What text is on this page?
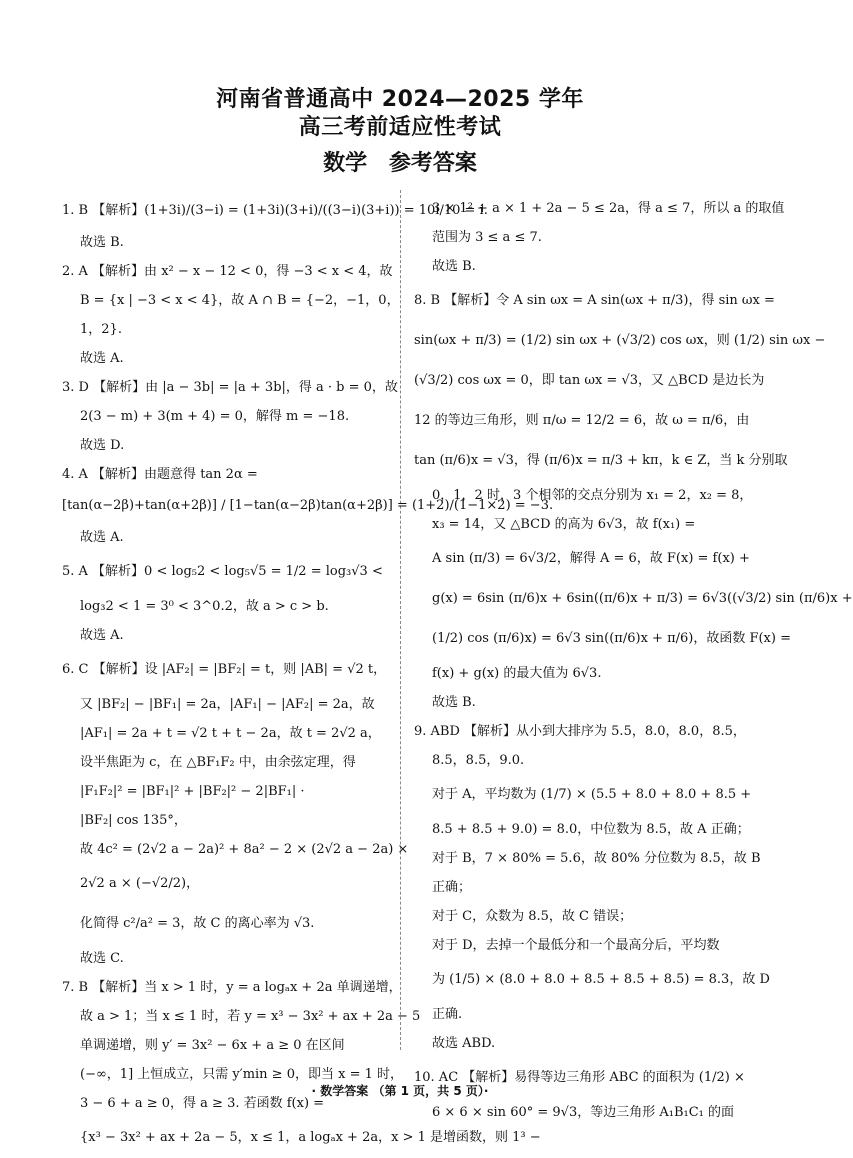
河南省普通高中 2024—2025 学年
高三考前适应性考试
数学 参考答案
1. B 【解析】(1+3i)/(3−i) = (1+3i)(3+i)/((3−i)(3+i)) = 10i/10 = i.
故选 B.
2. A 【解析】由 x² − x − 12 < 0，得 −3 < x < 4，故
B = {x | −3 < x < 4}，故 A ∩ B = {−2，−1，0，
1，2}.
故选 A.
3. D 【解析】由 |a − 3b| = |a + 3b|，得 a · b = 0，故
2(3 − m) + 3(m + 4) = 0，解得 m = −18.
故选 D.
4. A 【解析】由题意得 tan 2α =
[tan(α−2β)+tan(α+2β)] / [1−tan(α−2β)tan(α+2β)] = (1+2)/(1−1×2) = −3.
故选 A.
5. A 【解析】0 < log₅2 < log₅√5 = 1/2 = log₃√3 <
log₃2 < 1 = 3⁰ < 3^0.2，故 a > c > b.
故选 A.
6. C 【解析】设 |AF₂| = |BF₂| = t，则 |AB| = √2 t，
又 |BF₂| − |BF₁| = 2a，|AF₁| − |AF₂| = 2a，故
|AF₁| = 2a + t = √2 t + t − 2a，故 t = 2√2 a，
设半焦距为 c，在 △BF₁F₂ 中，由余弦定理，得
|F₁F₂|² = |BF₁|² + |BF₂|² − 2|BF₁| ·
|BF₂| cos 135°，
故 4c² = (2√2 a − 2a)² + 8a² − 2 × (2√2 a − 2a) ×
2√2 a × (−√2/2)，
化简得 c²/a² = 3，故 C 的离心率为 √3.
故选 C.
7. B 【解析】当 x > 1 时，y = a logₐx + 2a 单调递增，
故 a > 1；当 x ≤ 1 时，若 y = x³ − 3x² + ax + 2a − 5
单调递增，则 y′ = 3x² − 6x + a ≥ 0 在区间
(−∞，1] 上恒成立，只需 y′min ≥ 0，即当 x = 1 时，
3 − 6 + a ≥ 0，得 a ≥ 3. 若函数 f(x) =
{x³ − 3x² + ax + 2a − 5，x ≤ 1，a logₐx + 2a，x > 1 是增函数，则 1³ −
3 × 1² + a × 1 + 2a − 5 ≤ 2a，得 a ≤ 7，所以 a 的取值
范围为 3 ≤ a ≤ 7.
故选 B.
8. B 【解析】令 A sin ωx = A sin(ωx + π/3)，得 sin ωx =
sin(ωx + π/3) = (1/2) sin ωx + (√3/2) cos ωx，则 (1/2) sin ωx −
(√3/2) cos ωx = 0，即 tan ωx = √3，又 △BCD 是边长为
12 的等边三角形，则 π/ω = 12/2 = 6，故 ω = π/6，由
tan (π/6)x = √3，得 (π/6)x = π/3 + kπ，k ∈ Z，当 k 分别取
0，1，2 时，3 个相邻的交点分别为 x₁ = 2，x₂ = 8，
x₃ = 14，又 △BCD 的高为 6√3，故 f(x₁) =
A sin (π/3) = 6√3/2，解得 A = 6，故 F(x) = f(x) +
g(x) = 6sin (π/6)x + 6sin((π/6)x + π/3) = 6√3((√3/2) sin (π/6)x +
(1/2) cos (π/6)x) = 6√3 sin((π/6)x + π/6)，故函数 F(x) =
f(x) + g(x) 的最大值为 6√3.
故选 B.
9. ABD 【解析】从小到大排序为 5.5，8.0，8.0，8.5，
8.5，8.5，9.0.
对于 A，平均数为 (1/7) × (5.5 + 8.0 + 8.0 + 8.5 +
8.5 + 8.5 + 9.0) = 8.0，中位数为 8.5，故 A 正确；
对于 B，7 × 80% = 5.6，故 80% 分位数为 8.5，故 B
正确；
对于 C，众数为 8.5，故 C 错误；
对于 D，去掉一个最低分和一个最高分后，平均数
为 (1/5) × (8.0 + 8.0 + 8.5 + 8.5 + 8.5) = 8.3，故 D
正确.
故选 ABD.
10. AC 【解析】易得等边三角形 ABC 的面积为 (1/2) ×
6 × 6 × sin 60° = 9√3，等边三角形 A₁B₁C₁ 的面
· 数学答案 （第 1 页，共 5 页）·
